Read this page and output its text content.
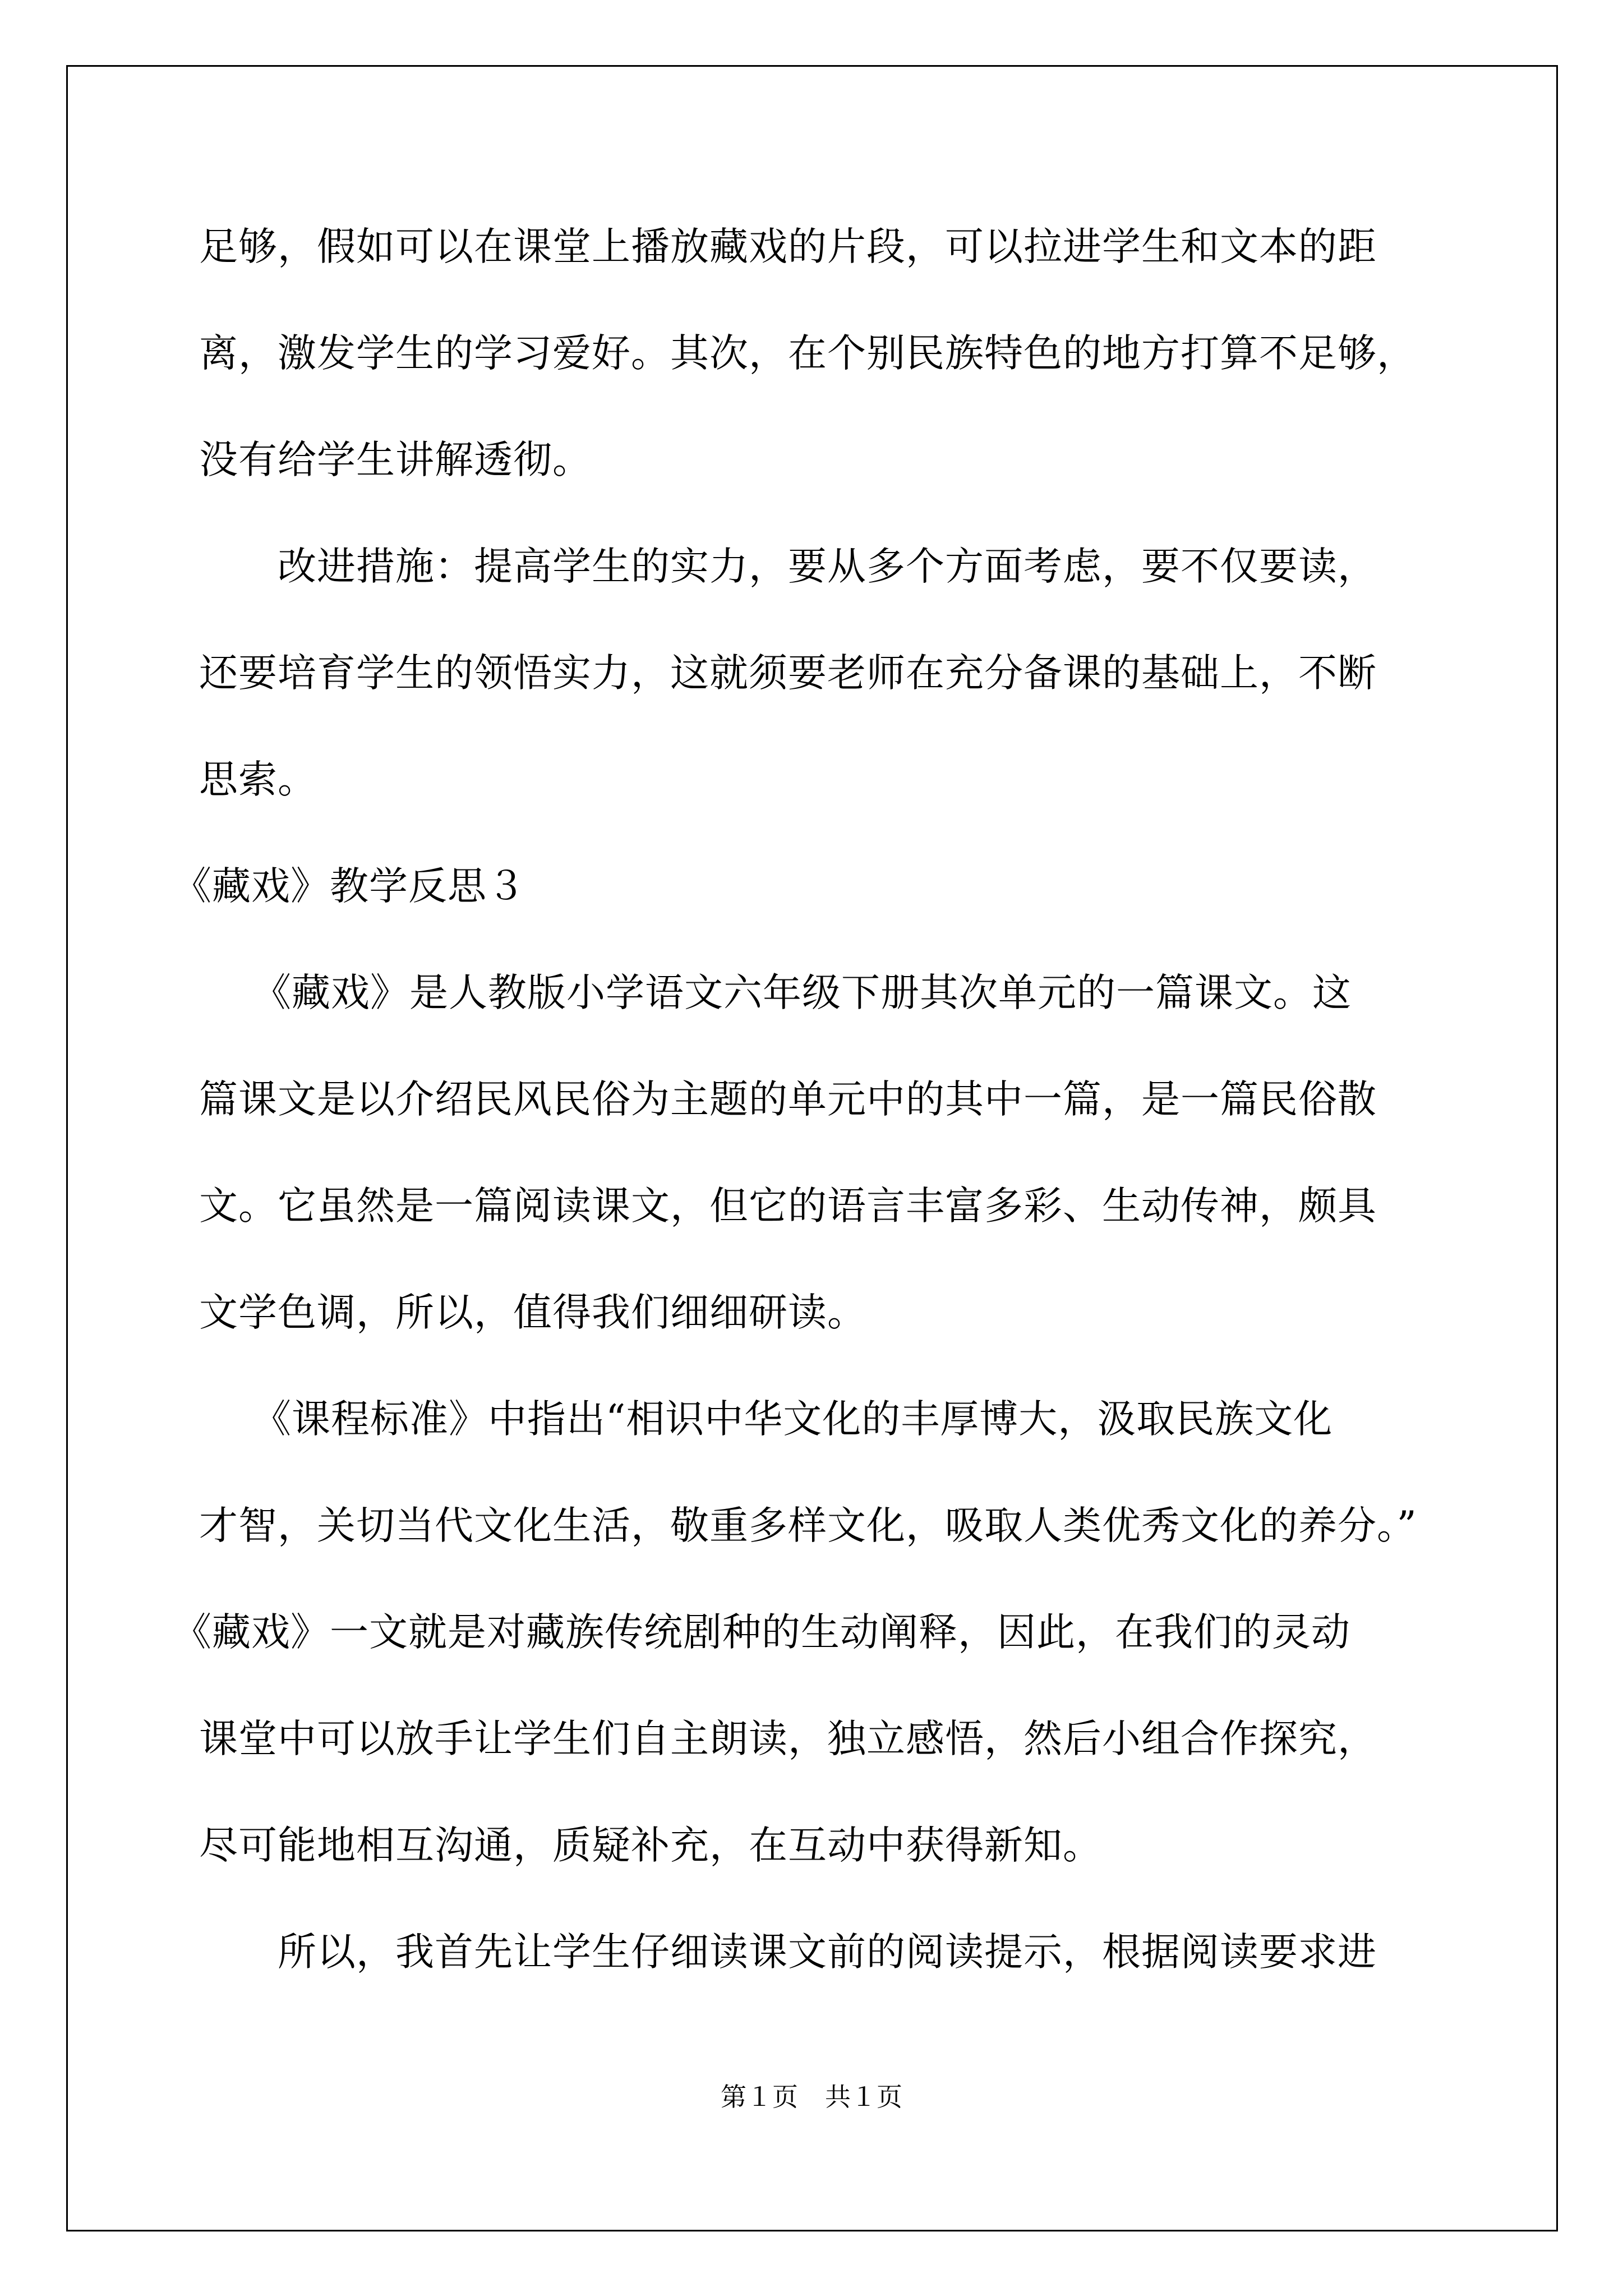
足够，假如可以在课堂上播放藏戏的片段，可以拉进学生和文本的距
离，激发学生的学习爱好。其次，在个别民族特色的地方打算不足够，
没有给学生讲解透彻。
改进措施：提高学生的实力，要从多个方面考虑，要不仅要读，
还要培育学生的领悟实力，这就须要老师在充分备课的基础上，不断
思索。
《藏戏》教学反思３
《藏戏》是人教版小学语文六年级下册其次单元的一篇课文。这
篇课文是以介绍民风民俗为主题的单元中的其中一篇，是一篇民俗散
文。它虽然是一篇阅读课文，但它的语言丰富多彩、生动传神，颇具
文学色调，所以，值得我们细细研读。
《课程标准》中指出“相识中华文化的丰厚博大，汲取民族文化
才智，关切当代文化生活，敬重多样文化，吸取人类优秀文化的养分。”
《藏戏》一文就是对藏族传统剧种的生动阐释，因此，在我们的灵动
课堂中可以放手让学生们自主朗读，独立感悟，然后小组合作探究，
尽可能地相互沟通，质疑补充，在互动中获得新知。
所以，我首先让学生仔细读课文前的阅读提示，根据阅读要求进
第１页 共１页
